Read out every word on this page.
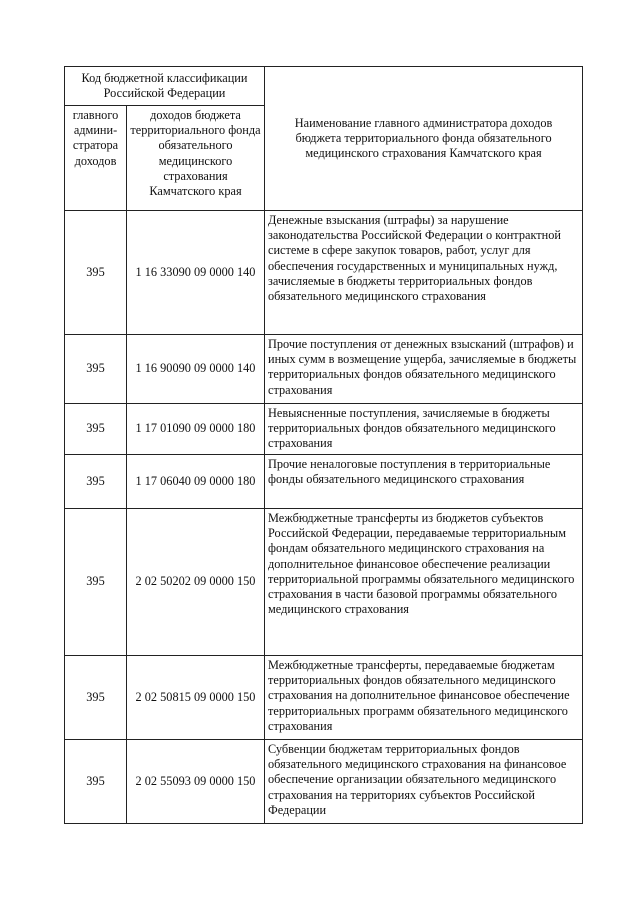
Код бюджетной классификации Российской Федерации		Наименование главного администратора доходов бюджета территориального фонда обязательного медицинского страхования Камчатского края
главного админи-стратора доходов	доходов бюджета территориального фонда обязательного медицинского страхования Камчатского края	
395	1 16 33090 09 0000 140	Денежные взыскания (штрафы) за нарушение законодательства Российской Федерации о контрактной системе в сфере закупок товаров, работ, услуг для обеспечения государственных и муниципальных нужд, зачисляемые в бюджеты территориальных фондов обязательного медицинского страхования
395	1 16 90090 09 0000 140	Прочие поступления от денежных взысканий (штрафов) и иных сумм в возмещение ущерба, зачисляемые в бюджеты территориальных фондов обязательного медицинского страхования
395	1 17 01090 09 0000 180	Невыясненные поступления, зачисляемые в бюджеты территориальных фондов обязательного медицинского страхования
395	1 17 06040 09 0000 180	Прочие неналоговые поступления в территориальные фонды обязательного медицинского страхования
395	2 02 50202 09 0000 150	Межбюджетные трансферты из бюджетов субъектов Российской Федерации, передаваемые территориальным фондам обязательного медицинского страхования на дополнительное финансовое обеспечение реализации территориальной программы обязательного медицинского страхования в части базовой программы обязательного медицинского страхования
395	2 02 50815 09 0000 150	Межбюджетные трансферты, передаваемые бюджетам территориальных фондов обязательного медицинского страхования на дополнительное финансовое обеспечение территориальных программ обязательного медицинского страхования
395	2 02 55093 09 0000 150	Субвенции бюджетам территориальных фондов обязательного медицинского страхования на финансовое обеспечение организации обязательного медицинского страхования на территориях субъектов Российской Федерации
